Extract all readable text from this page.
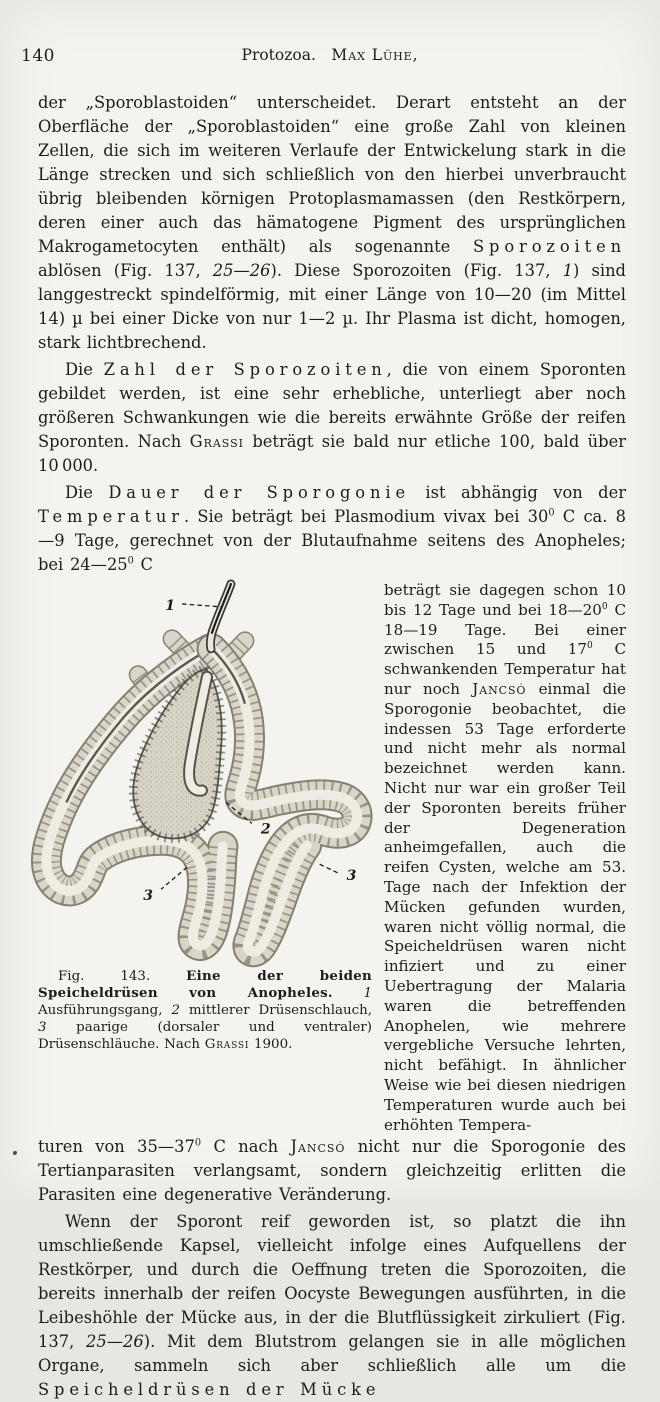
140	Protozoa.  Max Lühe,

der „Sporoblastoiden“ unterscheidet. Derart entsteht an der Oberfläche der „Sporoblastoiden“ eine große Zahl von kleinen Zellen, die sich im weiteren Verlaufe der Entwickelung stark in die Länge strecken und sich schließlich von den hierbei unverbraucht übrig bleibenden körnigen Protoplasmamassen (den Restkörpern, deren einer auch das hämatogene Pigment des ursprünglichen Makrogametocyten enthält) als sogenannte Sporozoiten ablösen (Fig. 137, 25—26). Diese Sporozoiten (Fig. 137, 1) sind langgestreckt spindelförmig, mit einer Länge von 10—20 (im Mittel 14) µ bei einer Dicke von nur 1—2 µ. Ihr Plasma ist dicht, homogen, stark lichtbrechend.

Die Zahl der Sporozoiten, die von einem Sporonten gebildet werden, ist eine sehr erhebliche, unterliegt aber noch größeren Schwankungen wie die bereits erwähnte Größe der reifen Sporonten. Nach Grassi beträgt sie bald nur etliche 100, bald über 10 000.

Die Dauer der Sporogonie ist abhängig von der Temperatur. Sie beträgt bei Plasmodium vivax bei $30^0$ C ca. 8—9 Tage, gerechnet von der Blutaufnahme seitens des Anopheles; bei $24—25^0$ C

1
2
3
3

Fig. 143. Eine der beiden Speicheldrüsen von Anopheles. 1 Ausführungsgang, 2 mittlerer Drüsenschlauch, 3 paarige (dorsaler und ventraler) Drüsenschläuche. Nach Grassi 1900.

beträgt sie dagegen schon 10 bis 12 Tage und bei $18—20^0$ C 18—19 Tage. Bei einer zwischen 15 und $17^0$ C schwankenden Temperatur hat nur noch Jancsó einmal die Sporogonie beobachtet, die indessen 53 Tage erforderte und nicht mehr als normal bezeichnet werden kann. Nicht nur war ein großer Teil der Sporonten bereits früher der Degeneration anheimgefallen, auch die reifen Cysten, welche am 53. Tage nach der Infektion der Mücken gefunden wurden, waren nicht völlig normal, die Speicheldrüsen waren nicht infiziert und zu einer Uebertragung der Malaria waren die betreffenden Anophelen, wie mehrere vergebliche Versuche lehrten, nicht befähigt. In ähnlicher Weise wie bei diesen niedrigen Temperaturen wurde auch bei erhöhten Tempera-

turen von $35—37^0$ C nach Jancsó nicht nur die Sporogonie des Tertianparasiten verlangsamt, sondern gleichzeitig erlitten die Parasiten eine degenerative Veränderung.

Wenn der Sporont reif geworden ist, so platzt die ihn umschließende Kapsel, vielleicht infolge eines Aufquellens der Restkörper, und durch die Oeffnung treten die Sporozoiten, die bereits innerhalb der reifen Oocyste Bewegungen ausführten, in die Leibeshöhle der Mücke aus, in der die Blutflüssigkeit zirkuliert (Fig. 137, 25—26). Mit dem Blutstrom gelangen sie in alle möglichen Organe, sammeln sich aber schließlich alle um die Speicheldrüsen der Mücke
